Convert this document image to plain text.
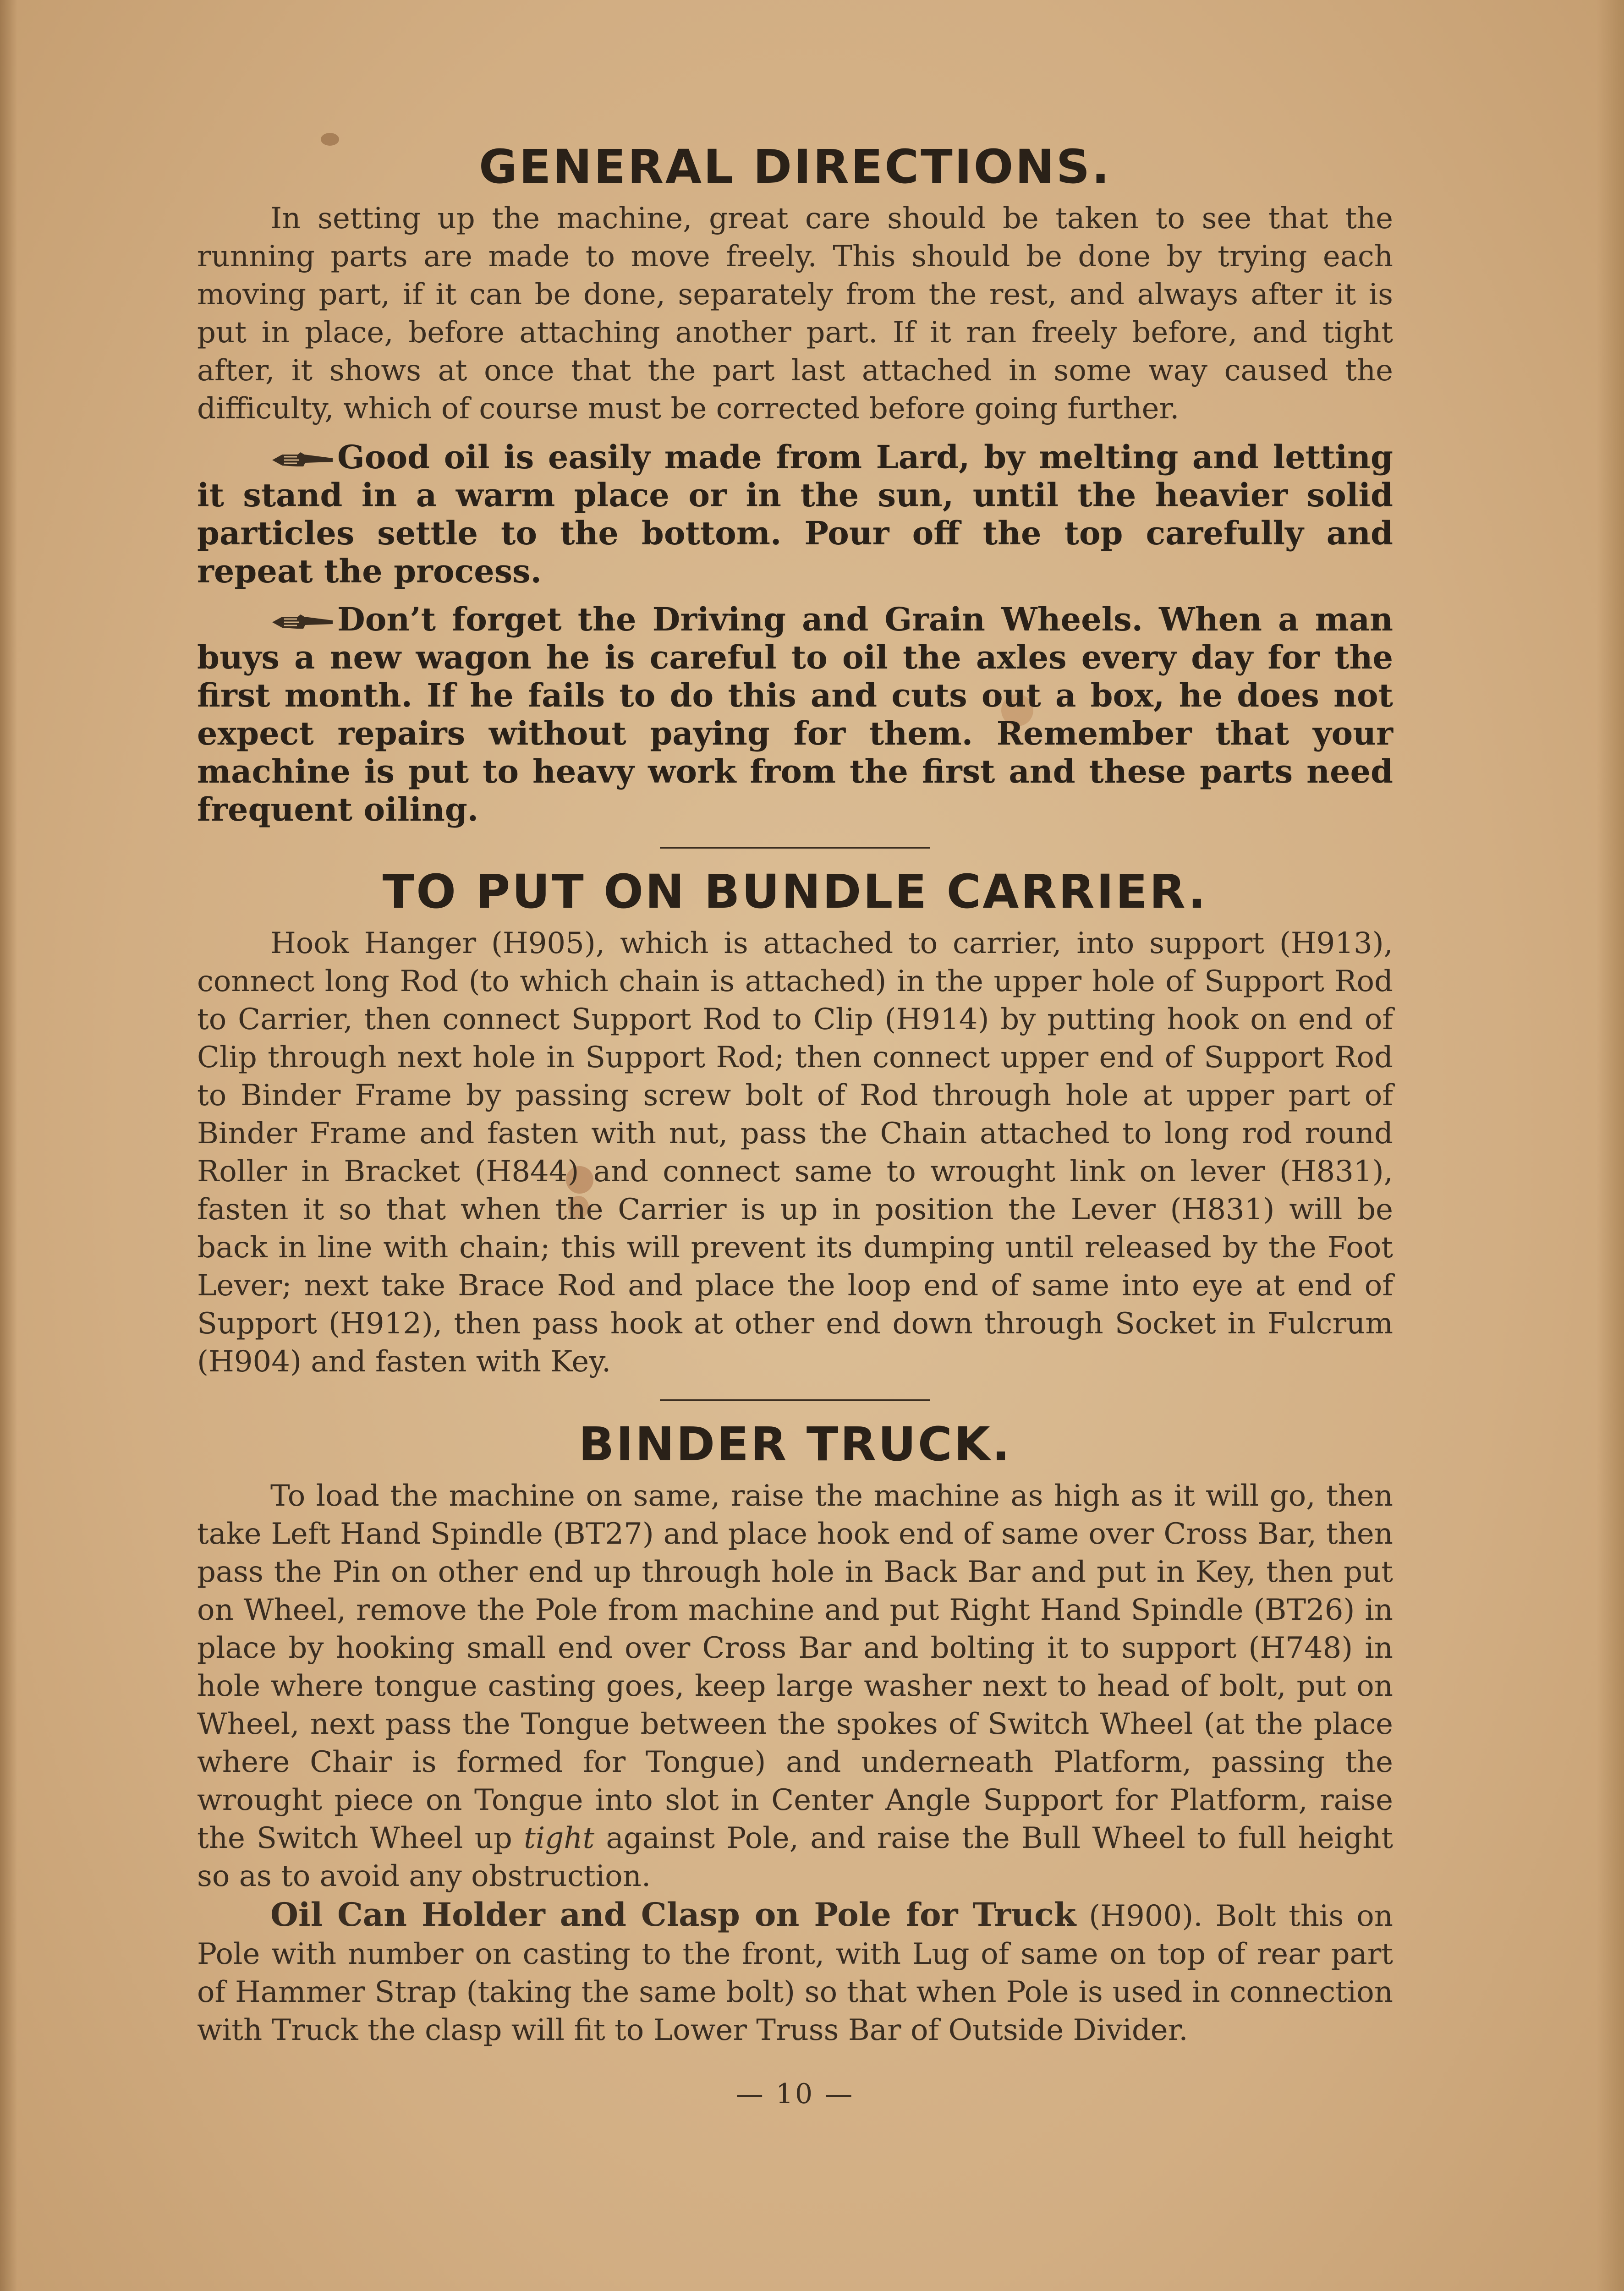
GENERAL DIRECTIONS.

In setting up the machine, great care should be taken to see that the running parts are made to move freely. This should be done by trying each moving part, if it can be done, separately from the rest, and always after it is put in place, before attaching another part. If it ran freely before, and tight after, it shows at once that the part last attached in some way caused the difficulty, which of course must be corrected before going further.

Good oil is easily made from Lard, by melting and letting it stand in a warm place or in the sun, until the heavier solid particles settle to the bottom. Pour off the top carefully and repeat the process.

Don’t forget the Driving and Grain Wheels. When a man buys a new wagon he is careful to oil the axles every day for the first month. If he fails to do this and cuts out a box, he does not expect repairs without paying for them. Remember that your machine is put to heavy work from the first and these parts need frequent oiling.

TO PUT ON BUNDLE CARRIER.

Hook Hanger (H905), which is attached to carrier, into support (H913), connect long Rod (to which chain is attached) in the upper hole of Support Rod to Carrier, then connect Support Rod to Clip (H914) by putting hook on end of Clip through next hole in Support Rod; then connect upper end of Support Rod to Binder Frame by passing screw bolt of Rod through hole at upper part of Binder Frame and fasten with nut, pass the Chain attached to long rod round Roller in Bracket (H844) and connect same to wrought link on lever (H831), fasten it so that when the Carrier is up in position the Lever (H831) will be back in line with chain; this will prevent its dumping until released by the Foot Lever; next take Brace Rod and place the loop end of same into eye at end of Support (H912), then pass hook at other end down through Socket in Fulcrum (H904) and fasten with Key.

BINDER TRUCK.

To load the machine on same, raise the machine as high as it will go, then take Left Hand Spindle (BT27) and place hook end of same over Cross Bar, then pass the Pin on other end up through hole in Back Bar and put in Key, then put on Wheel, remove the Pole from machine and put Right Hand Spindle (BT26) in place by hooking small end over Cross Bar and bolting it to support (H748) in hole where tongue casting goes, keep large washer next to head of bolt, put on Wheel, next pass the Tongue between the spokes of Switch Wheel (at the place where Chair is formed for Tongue) and underneath Platform, passing the wrought piece on Tongue into slot in Center Angle Support for Platform, raise the Switch Wheel up tight against Pole, and raise the Bull Wheel to full height so as to avoid any obstruction.

Oil Can Holder and Clasp on Pole for Truck (H900). Bolt this on Pole with number on casting to the front, with Lug of same on top of rear part of Hammer Strap (taking the same bolt) so that when Pole is used in connection with Truck the clasp will fit to Lower Truss Bar of Outside Divider.

— 10 —
